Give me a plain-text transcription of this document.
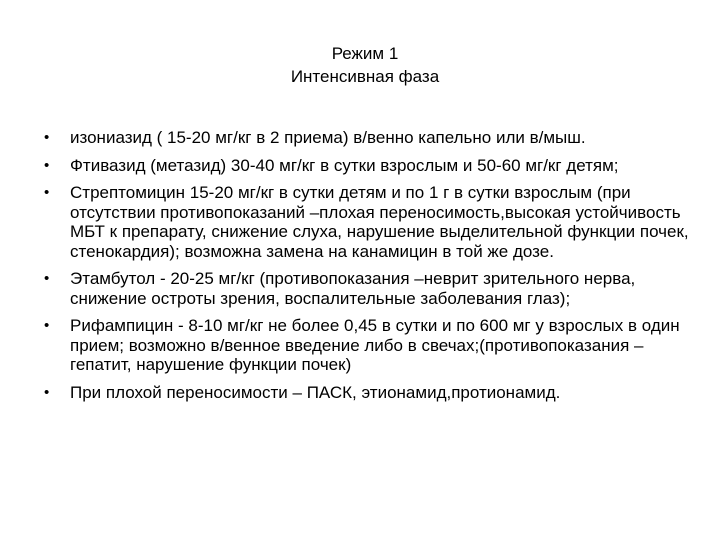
Режим 1
Интенсивная фаза
•	изониазид ( 15-20 мг/кг в 2 приема) в/венно капельно или в/мыш.
•	Фтивазид (метазид) 30-40 мг/кг в сутки взрослым и 50-60 мг/кг детям;
•	Стрептомицин 15-20 мг/кг в сутки детям и по 1 г в сутки взрослым (при отсутствии противопоказаний –плохая переносимость,высокая устойчивость МБТ к препарату, снижение слуха, нарушение выделительной функции почек, стенокардия); возможна замена на канамицин в той же дозе.
•	Этамбутол - 20-25 мг/кг (противопоказания –неврит зрительного нерва, снижение остроты зрения, воспалительные заболевания глаз);
•	Рифампицин - 8-10 мг/кг не более 0,45 в сутки и по 600 мг у взрослых в один прием; возможно в/венное введение либо в свечах;(противопоказания –гепатит, нарушение функции почек)
•	При плохой переносимости – ПАСК, этионамид,протионамид.
